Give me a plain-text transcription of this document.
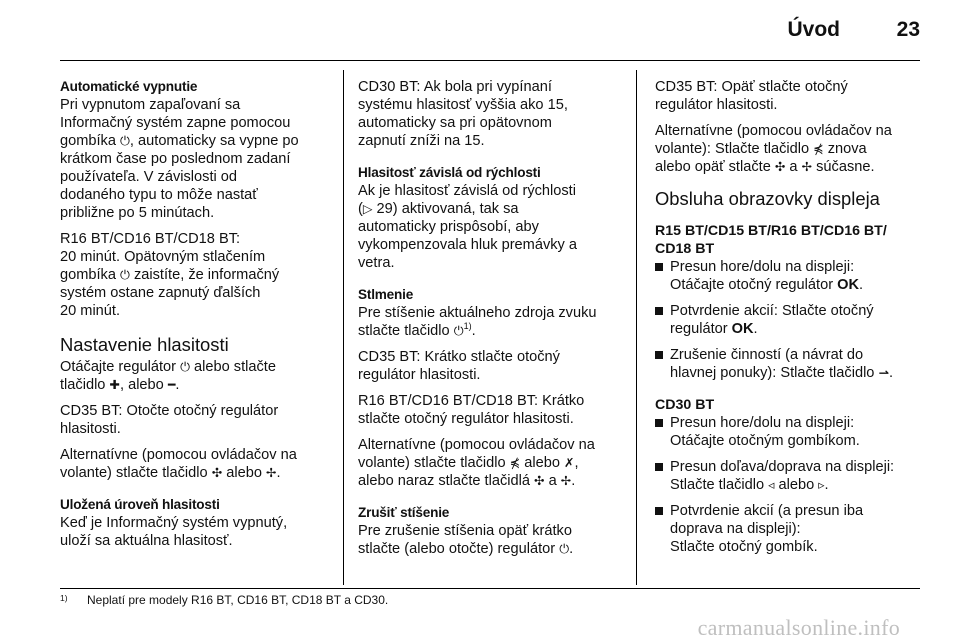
Úvod	23
Automatické vypnutie
Pri vypnutom zapaľovaní sa
Informačný systém zapne pomocou
gombíka ⏻, automaticky sa vypne po
krátkom čase po poslednom zadaní
používateľa. V závislosti od
dodaného typu to môže nastať
približne po 5 minútach.
R16 BT/CD16 BT/CD18 BT:
20 minút. Opätovným stlačením
gombíka ⏻ zaistíte, že informačný
systém ostane zapnutý ďalších
20 minút.
Nastavenie hlasitosti
Otáčajte regulátor ⏻ alebo stlačte
tlačidlo ✚, alebo ━.
CD35 BT: Otočte otočný regulátor
hlasitosti.
Alternatívne (pomocou ovládačov na
volante) stlačte tlačidlo ✣ alebo ✢.
Uložená úroveň hlasitosti
Keď je Informačný systém vypnutý,
uloží sa aktuálna hlasitosť.
CD30 BT: Ak bola pri vypínaní
systému hlasitosť vyššia ako 15,
automaticky sa pri opätovnom
zapnutí zníži na 15.
Hlasitosť závislá od rýchlosti
Ak je hlasitosť závislá od rýchlosti
(▷ 29) aktivovaná, tak sa
automaticky prispôsobí, aby
vykompenzovala hluk premávky a
vetra.
Stlmenie
Pre stíšenie aktuálneho zdroja zvuku
stlačte tlačidlo ⏻$^{1)}$.
CD35 BT: Krátko stlačte otočný
regulátor hlasitosti.
R16 BT/CD16 BT/CD18 BT: Krátko
stlačte otočný regulátor hlasitosti.
Alternatívne (pomocou ovládačov na
volante) stlačte tlačidlo ⋠ alebo ✗,
alebo naraz stlačte tlačidlá ✣ a ✢.
Zrušiť stíšenie
Pre zrušenie stíšenia opäť krátko
stlačte (alebo otočte) regulátor ⏻.
CD35 BT: Opäť stlačte otočný
regulátor hlasitosti.
Alternatívne (pomocou ovládačov na
volante): Stlačte tlačidlo ⋠ znova
alebo opäť stlačte ✣ a ✢ súčasne.
Obsluha obrazovky displeja
R15 BT/CD15 BT/R16 BT/CD16 BT/
CD18 BT
Presun hore/dolu na displeji:
Otáčajte otočný regulátor OK.
Potvrdenie akcií: Stlačte otočný
regulátor OK.
Zrušenie činností (a návrat do
hlavnej ponuky): Stlačte tlačidlo ⇀.
CD30 BT
Presun hore/dolu na displeji:
Otáčajte otočným gombíkom.
Presun doľava/doprava na displeji:
Stlačte tlačidlo ◃ alebo ▹.
Potvrdenie akcií (a presun iba
doprava na displeji):
Stlačte otočný gombík.
1) Neplatí pre modely R16 BT, CD16 BT, CD18 BT a CD30.
carmanualsonline.info
